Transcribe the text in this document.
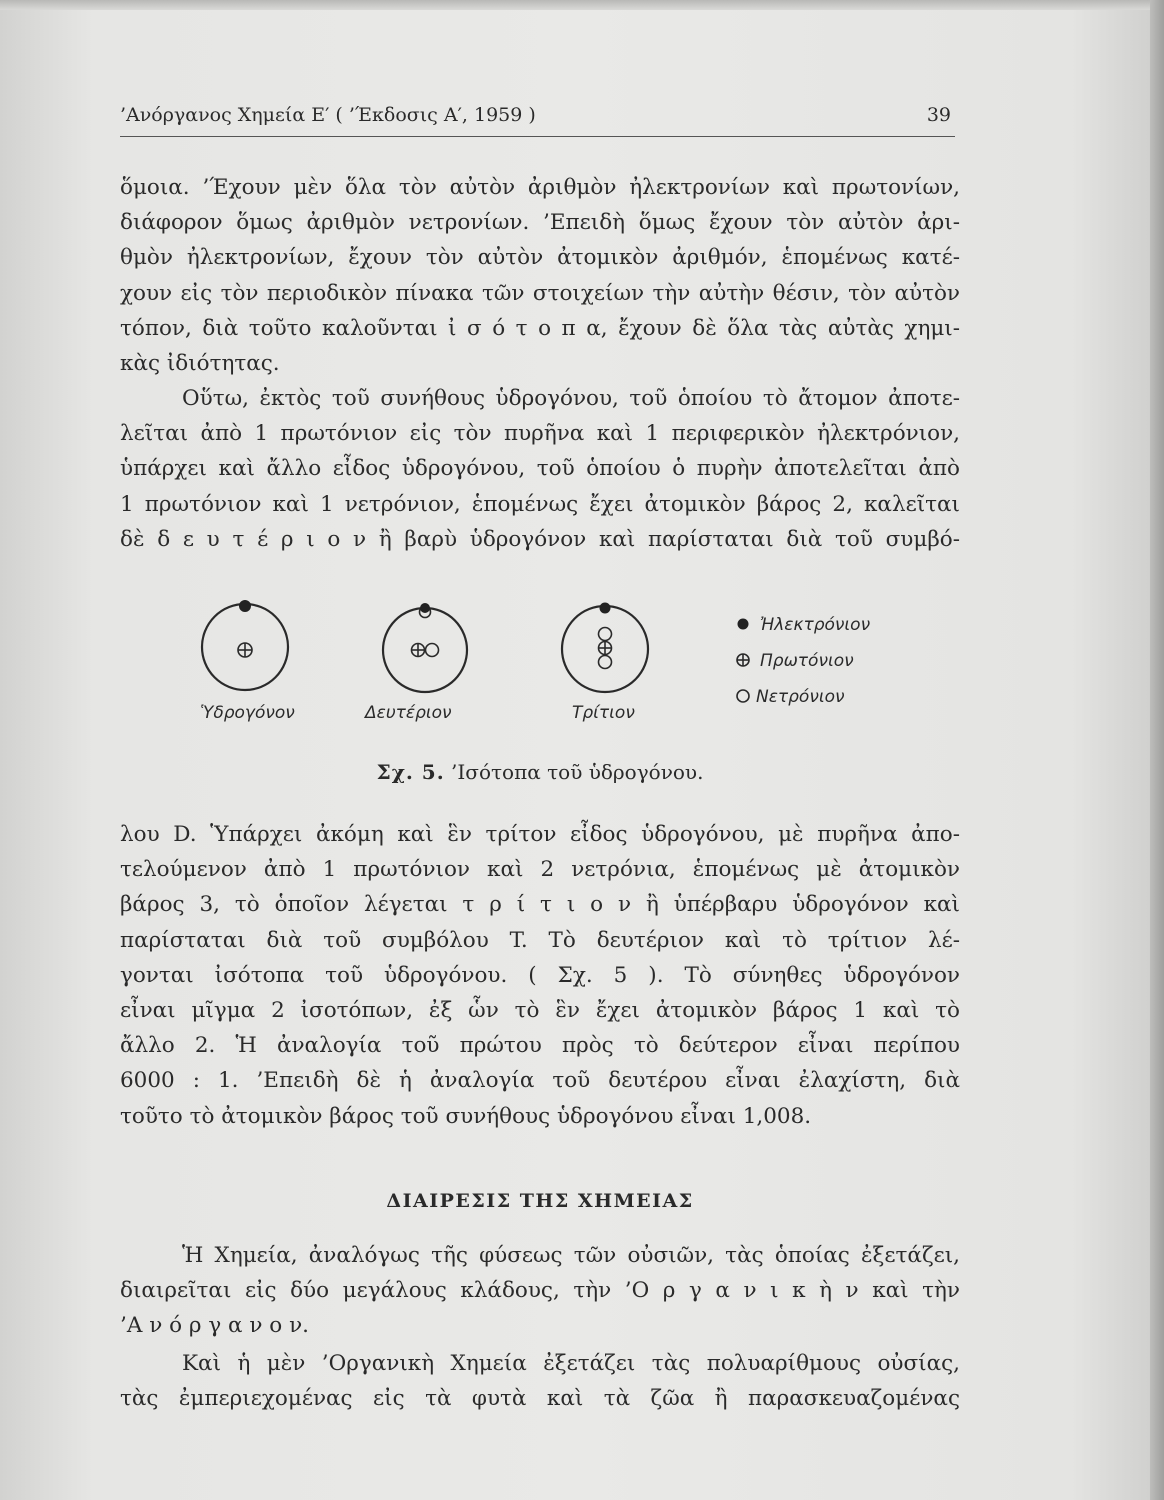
’Ανόργανος Χημεία Ε′ ( ’Έκδοσις Α′, 1959 )	39
ὅμοια. ’Έχουν μὲν ὅλα τὸν αὐτὸν ἀριθμὸν ἠλεκτρονίων καὶ πρωτονίων,
διάφορον ὅμως ἀριθμὸν νετρονίων. ’Επειδὴ ὅμως ἔχουν τὸν αὐτὸν ἀρι-
θμὸν ἠλεκτρονίων, ἔχουν τὸν αὐτὸν ἀτομικὸν ἀριθμόν, ἑπομένως κατέ-
χουν εἰς τὸν περιοδικὸν πίνακα τῶν στοιχείων τὴν αὐτὴν θέσιν, τὸν αὐτὸν
τόπον, διὰ τοῦτο καλοῦνται ἰ σ ό τ ο π α, ἔχουν δὲ ὅλα τὰς αὐτὰς χημι-
κὰς ἰδιότητας.
Οὕτω, ἐκτὸς τοῦ συνήθους ὑδρογόνου, τοῦ ὁποίου τὸ ἄτομον ἀποτε-
λεῖται ἀπὸ 1 πρωτόνιον εἰς τὸν πυρῆνα καὶ 1 περιφερικὸν ἠλεκτρόνιον,
ὑπάρχει καὶ ἄλλο εἶδος ὑδρογόνου, τοῦ ὁποίου ὁ πυρὴν ἀποτελεῖται ἀπὸ
1 πρωτόνιον καὶ 1 νετρόνιον, ἑπομένως ἔχει ἀτομικὸν βάρος 2, καλεῖται
δὲ δ ε υ τ έ ρ ι ο ν ἢ βαρὺ ὑδρογόνον καὶ παρίσταται διὰ τοῦ συμβό-
Ὑδρογόνον	Δευτέριον	Τρίτιον
Ἠλεκτρόνιον
Πρωτόνιον
Νετρόνιον
Σχ. 5. ’Ισότοπα τοῦ ὑδρογόνου.
λου D. Ὑπάρχει ἀκόμη καὶ ἓν τρίτον εἶδος ὑδρογόνου, μὲ πυρῆνα ἀπο-
τελούμενον ἀπὸ 1 πρωτόνιον καὶ 2 νετρόνια, ἑπομένως μὲ ἀτομικὸν
βάρος 3, τὸ ὁποῖον λέγεται τ ρ ί τ ι ο ν ἢ ὑπέρβαρυ ὑδρογόνον καὶ
παρίσταται διὰ τοῦ συμβόλου T. Τὸ δευτέριον καὶ τὸ τρίτιον λέ-
γονται ἰσότοπα τοῦ ὑδρογόνου. ( Σχ. 5 ). Τὸ σύνηθες ὑδρογόνον
εἶναι μῖγμα 2 ἰσοτόπων, ἐξ ὧν τὸ ἓν ἔχει ἀτομικὸν βάρος 1 καὶ τὸ
ἄλλο 2. Ἡ ἀναλογία τοῦ πρώτου πρὸς τὸ δεύτερον εἶναι περίπου
6000 : 1. ’Επειδὴ δὲ ἡ ἀναλογία τοῦ δευτέρου εἶναι ἐλαχίστη, διὰ
τοῦτο τὸ ἀτομικὸν βάρος τοῦ συνήθους ὑδρογόνου εἶναι 1,008.
ΔΙΑΙΡΕΣΙΣ ΤΗΣ ΧΗΜΕΙΑΣ
Ἡ Χημεία, ἀναλόγως τῆς φύσεως τῶν οὐσιῶν, τὰς ὁποίας ἐξετάζει,
διαιρεῖται εἰς δύο μεγάλους κλάδους, τὴν ’Ο ρ γ α ν ι κ ὴ ν καὶ τὴν
’Α ν ό ρ γ α ν ο ν.
Καὶ ἡ μὲν ’Οργανικὴ Χημεία ἐξετάζει τὰς πολυαρίθμους οὐσίας,
τὰς ἐμπεριεχομένας εἰς τὰ φυτὰ καὶ τὰ ζῶα ἢ παρασκευαζομένας
